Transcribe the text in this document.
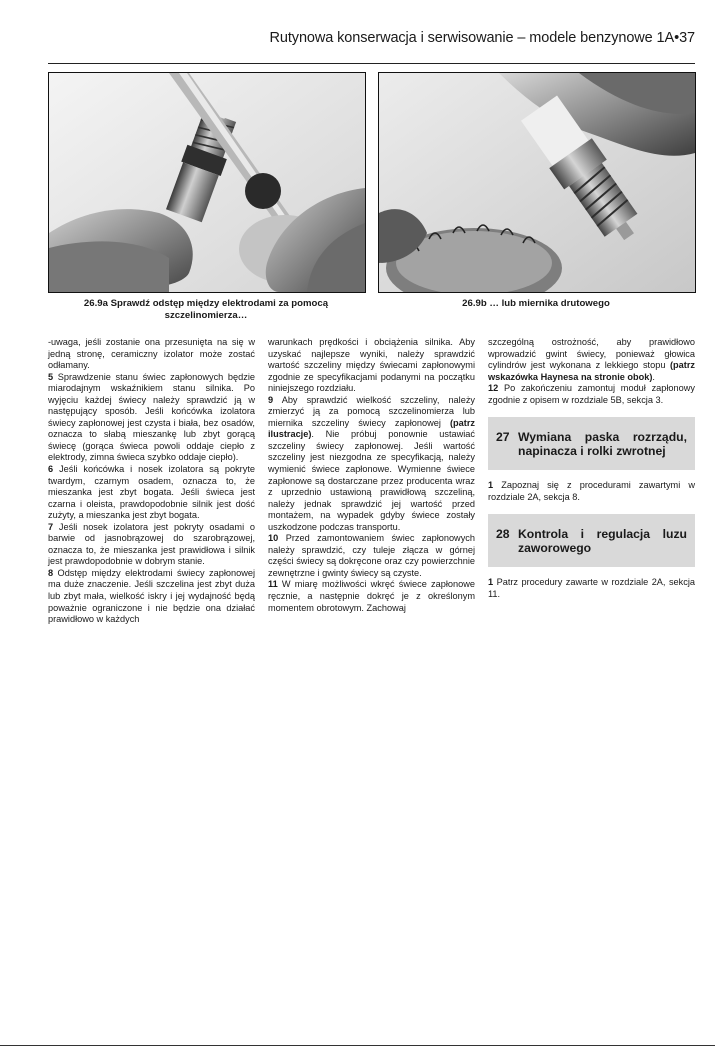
Rutynowa konserwacja i serwisowanie – modele benzynowe 1A•37
26.9a Sprawdź odstęp między elektrodami za pomocą
szczelinomierza…
26.9b … lub miernika drutowego

-uwaga, jeśli zostanie ona przesunięta na się w jedną stronę, ceramiczny izolator może zostać odłamany.

5 Sprawdzenie stanu świec zapłonowych będzie miarodajnym wskaźnikiem stanu silnika. Po wyjęciu każdej świecy należy sprawdzić ją w następujący sposób. Jeśli końcówka izolatora świecy zapłonowej jest czysta i biała, bez osadów, oznacza to słabą mieszankę lub zbyt gorącą świecę (gorąca świeca powoli oddaje ciepło z elektrody, zimna świeca szybko oddaje ciepło).

6 Jeśli końcówka i nosek izolatora są pokryte twardym, czarnym osadem, oznacza to, że mieszanka jest zbyt bogata. Jeśli świeca jest czarna i oleista, prawdopodobnie silnik jest dość zużyty, a mieszanka jest zbyt bogata.

7 Jeśli nosek izolatora jest pokryty osadami o barwie od jasnobrązowej do szarobrązowej, oznacza to, że mieszanka jest prawidłowa i silnik jest prawdopodobnie w dobrym stanie.

8 Odstęp między elektrodami świecy zapłonowej ma duże znaczenie. Jeśli szczelina jest zbyt duża lub zbyt mała, wielkość iskry i jej wydajność będą poważnie ograniczone i nie będzie ona działać prawidłowo w każdych

warunkach prędkości i obciążenia silnika. Aby uzyskać najlepsze wyniki, należy sprawdzić wartość szczeliny między świecami zapłonowymi zgodnie ze specyfikacjami podanymi na początku niniejszego rozdziału.

9 Aby sprawdzić wielkość szczeliny, należy zmierzyć ją za pomocą szczelinomierza lub miernika szczeliny świecy zapłonowej (patrz ilustracje). Nie próbuj ponownie ustawiać szczeliny świecy zapłonowej. Jeśli wartość szczeliny jest niezgodna ze specyfikacją, należy wymienić świece zapłonowe. Wymienne świece zapłonowe są dostarczane przez producenta wraz z uprzednio ustawioną prawidłową szczeliną, należy jednak sprawdzić jej wartość przed montażem, na wypadek gdyby świece zostały uszkodzone podczas transportu.

10 Przed zamontowaniem świec zapłonowych należy sprawdzić, czy tuleje złącza w górnej części świecy są dokręcone oraz czy powierzchnie zewnętrzne i gwinty świecy są czyste.

11 W miarę możliwości wkręć świece zapłonowe ręcznie, a następnie dokręć je z określonym momentem obrotowym. Zachowaj

szczególną ostrożność, aby prawidłowo wprowadzić gwint świecy, ponieważ głowica cylindrów jest wykonana z lekkiego stopu (patrz wskazówka Haynesa na stronie obok).

12 Po zakończeniu zamontuj moduł zapłonowy zgodnie z opisem w rozdziale 5B, sekcja 3.

27 Wymiana paska rozrządu, napinacza i rolki zwrotnej

1 Zapoznaj się z procedurami zawartymi w rozdziale 2A, sekcja 8.

28 Kontrola i regulacja luzu zaworowego

1 Patrz procedury zawarte w rozdziale 2A, sekcja 11.
